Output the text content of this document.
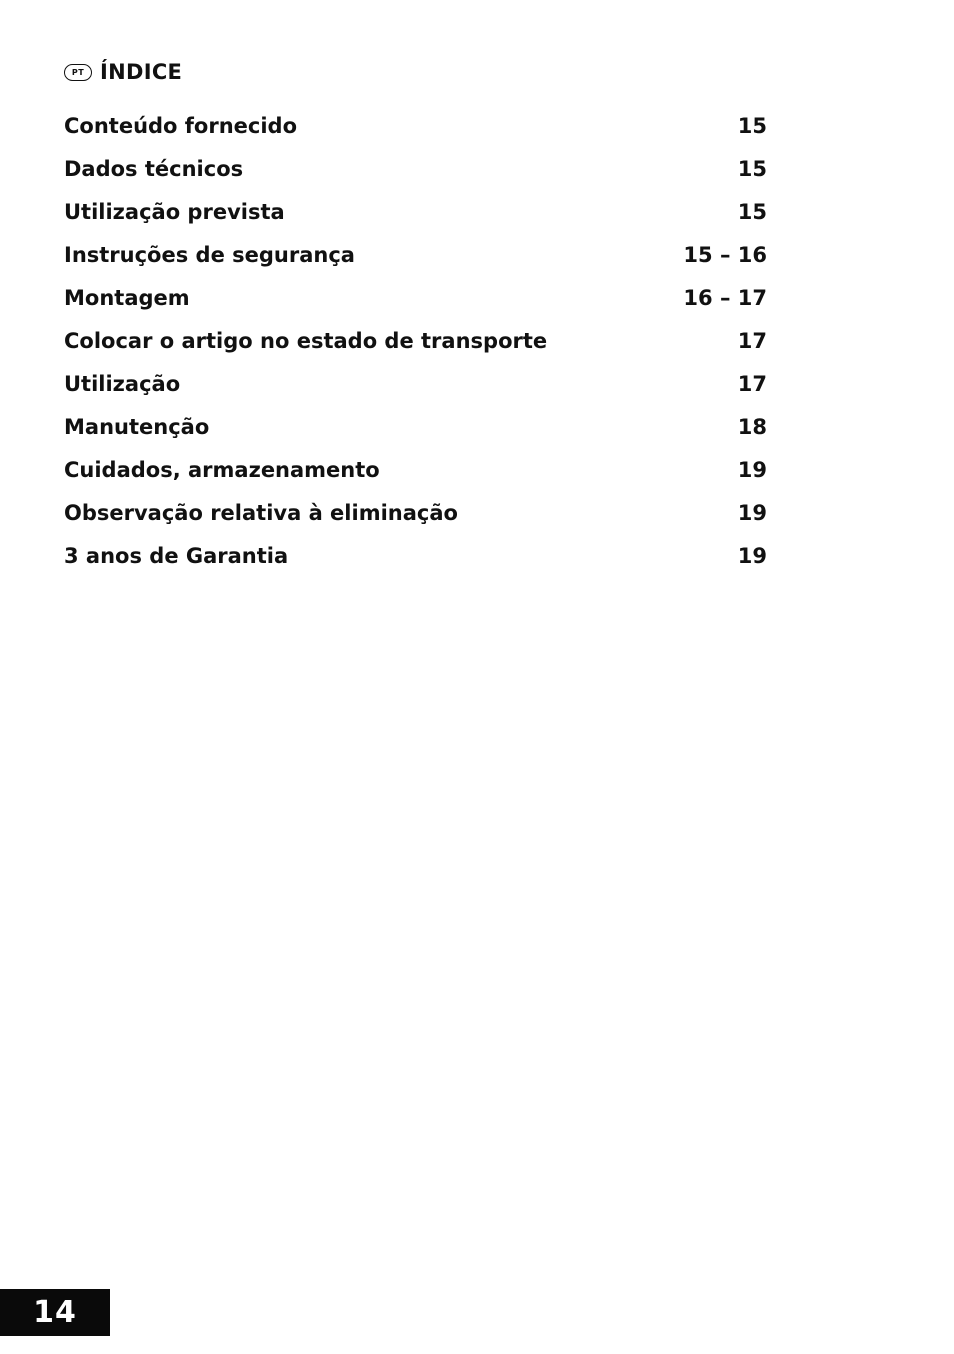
PT ÍNDICE
Conteúdo fornecido	15
Dados técnicos	15
Utilização prevista	15
Instruções de segurança	15 – 16
Montagem	16 – 17
Colocar o artigo no estado de transporte	17
Utilização	17
Manutenção	18
Cuidados, armazenamento	19
Observação relativa à eliminação	19
3 anos de Garantia	19
14
